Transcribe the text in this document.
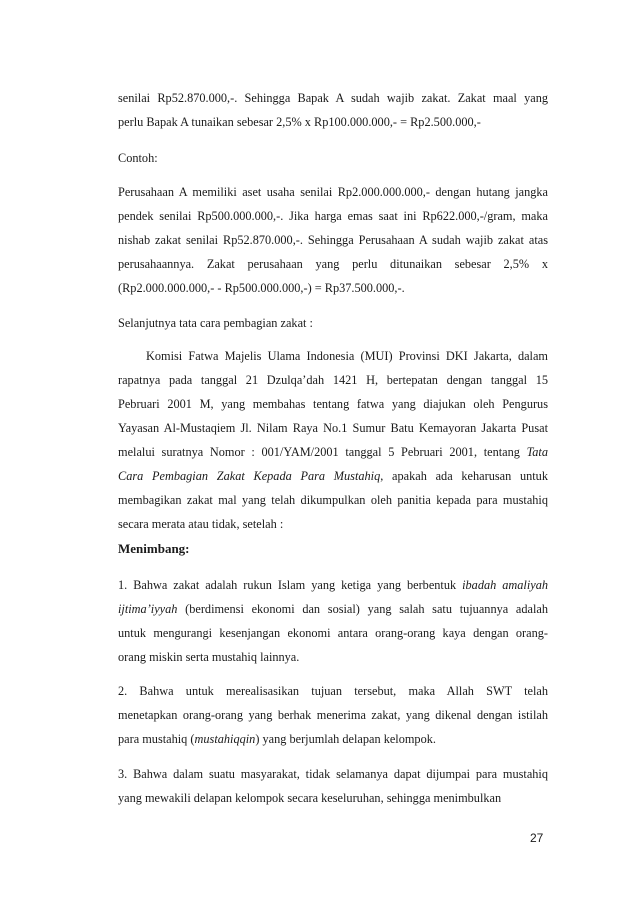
senilai Rp52.870.000,-. Sehingga Bapak A sudah wajib zakat. Zakat maal yang
perlu Bapak A tunaikan sebesar 2,5% x Rp100.000.000,- = Rp2.500.000,-
Contoh:
Perusahaan A memiliki aset usaha senilai Rp2.000.000.000,- dengan hutang jangka
pendek senilai Rp500.000.000,-. Jika harga emas saat ini Rp622.000,-/gram, maka
nishab zakat senilai Rp52.870.000,-. Sehingga Perusahaan A sudah wajib zakat atas
perusahaannya. Zakat perusahaan yang perlu ditunaikan sebesar 2,5% x
(Rp2.000.000.000,- - Rp500.000.000,-) = Rp37.500.000,-.
Selanjutnya tata cara pembagian zakat :
Komisi Fatwa Majelis Ulama Indonesia (MUI) Provinsi DKI Jakarta, dalam
rapatnya pada tanggal 21 Dzulqa’dah 1421 H, bertepatan dengan tanggal 15
Pebruari 2001 M, yang membahas tentang fatwa yang diajukan oleh Pengurus
Yayasan Al-Mustaqiem Jl. Nilam Raya No.1 Sumur Batu Kemayoran Jakarta Pusat
melalui suratnya Nomor : 001/YAM/2001 tanggal 5 Pebruari 2001, tentang Tata
Cara Pembagian Zakat Kepada Para Mustahiq, apakah ada keharusan untuk
membagikan zakat mal yang telah dikumpulkan oleh panitia kepada para mustahiq
secara merata atau tidak, setelah :
Menimbang:
1. Bahwa zakat adalah rukun Islam yang ketiga yang berbentuk ibadah amaliyah
ijtima’iyyah (berdimensi ekonomi dan sosial) yang salah satu tujuannya adalah
untuk mengurangi kesenjangan ekonomi antara orang-orang kaya dengan orang-
orang miskin serta mustahiq lainnya.
2. Bahwa untuk merealisasikan tujuan tersebut, maka Allah SWT telah
menetapkan orang-orang yang berhak menerima zakat, yang dikenal dengan istilah
para mustahiq (mustahiqqin) yang berjumlah delapan kelompok.
3. Bahwa dalam suatu masyarakat, tidak selamanya dapat dijumpai para mustahiq
yang mewakili delapan kelompok secara keseluruhan, sehingga menimbulkan
27
